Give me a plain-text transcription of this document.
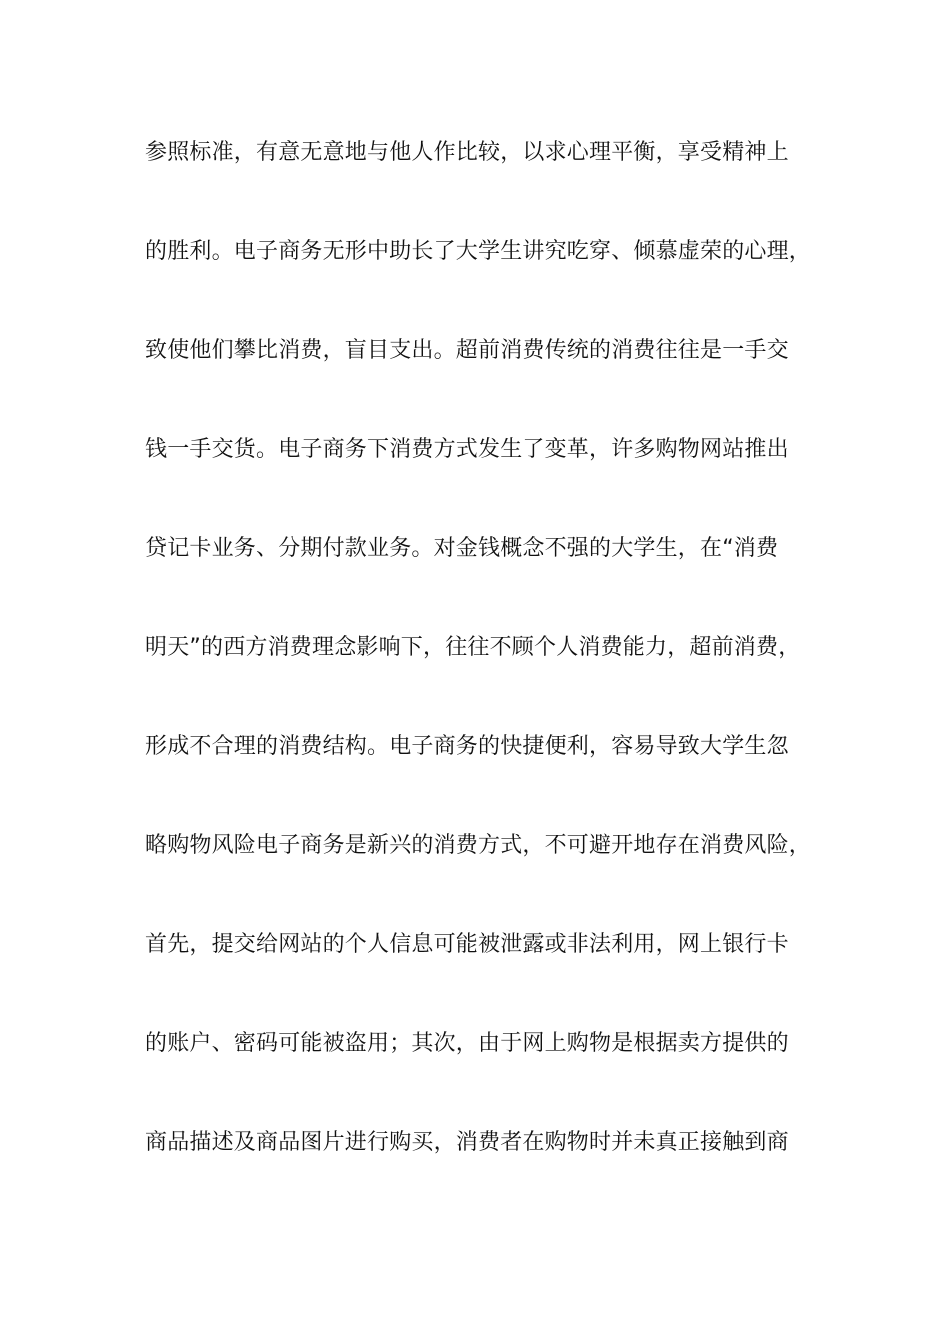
参照标准，有意无意地与他人作比较，以求心理平衡，享受精神上
的胜利。电子商务无形中助长了大学生讲究吃穿、倾慕虚荣的心理，
致使他们攀比消费，盲目支出。超前消费传统的消费往往是一手交
钱一手交货。电子商务下消费方式发生了变革，许多购物网站推出
贷记卡业务、分期付款业务。对金钱概念不强的大学生，在“消费
明天”的西方消费理念影响下，往往不顾个人消费能力，超前消费，
形成不合理的消费结构。电子商务的快捷便利，容易导致大学生忽
略购物风险电子商务是新兴的消费方式，不可避开地存在消费风险，
首先，提交给网站的个人信息可能被泄露或非法利用，网上银行卡
的账户、密码可能被盗用；其次，由于网上购物是根据卖方提供的
商品描述及商品图片进行购买，消费者在购物时并未真正接触到商
